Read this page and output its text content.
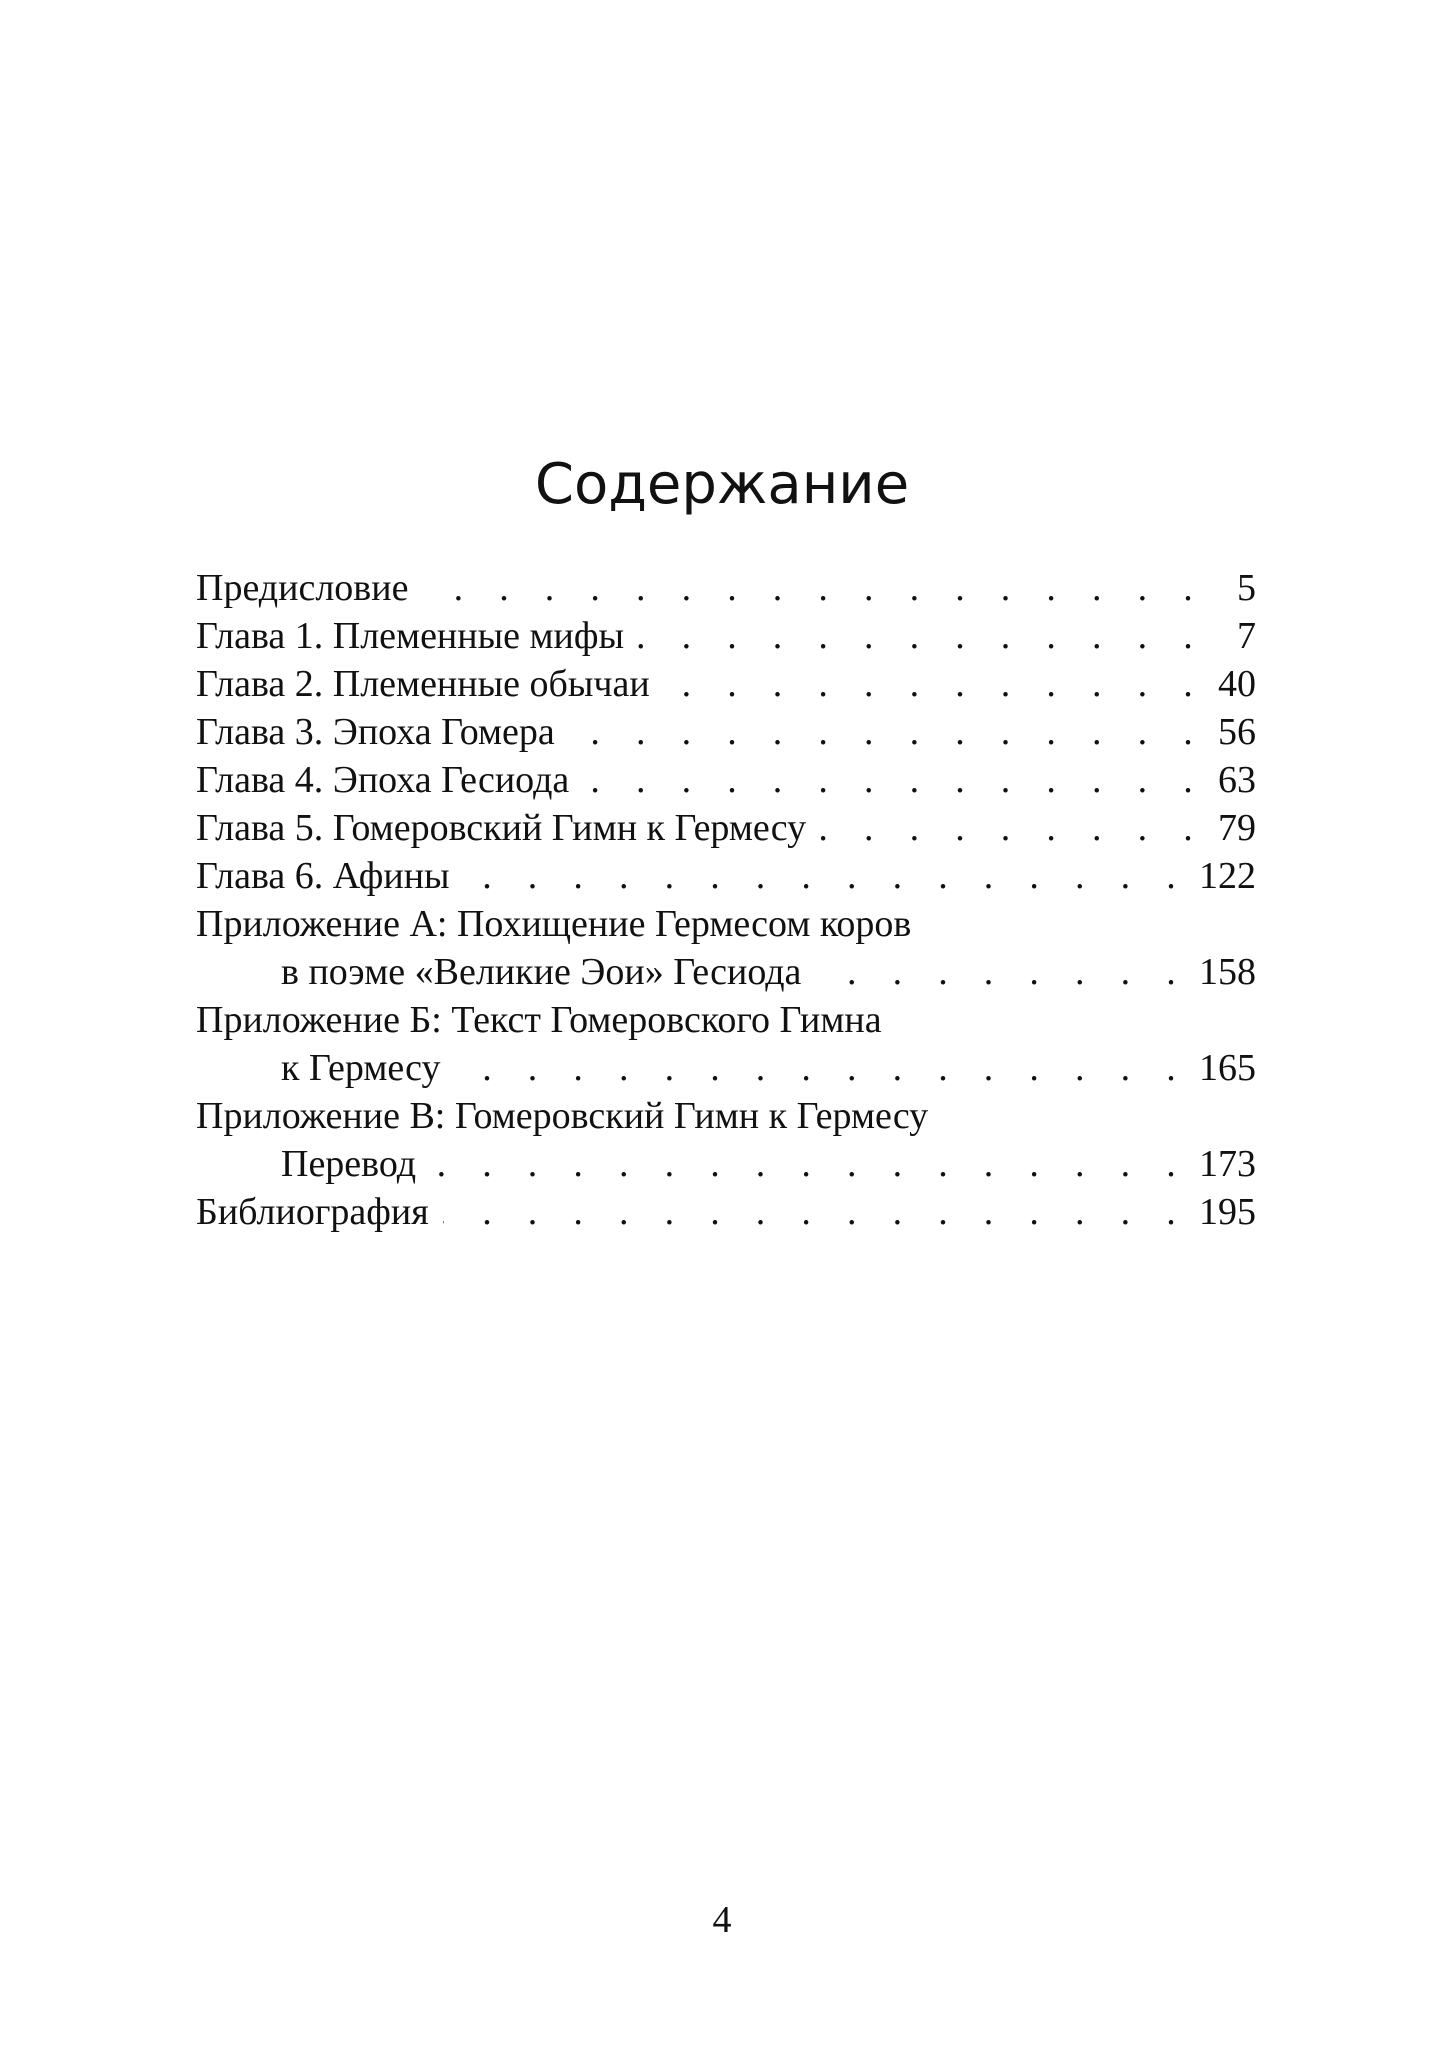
Содержание
Предисловие . . .	5
Глава 1. Племенные мифы . . .	7
Глава 2. Племенные обычаи . . .	40
Глава 3. Эпоха Гомера . . .	56
Глава 4. Эпоха Гесиода . . .	63
Глава 5. Гомеровский Гимн к Гермесу . . .	79
Глава 6. Афины . . .	122
Приложение А: Похищение Гермесом коров
в поэме «Великие Эои» Гесиода . . .	158
Приложение Б: Текст Гомеровского Гимна
к Гермесу . . .	165
Приложение В: Гомеровский Гимн к Гермесу
Перевод . . .	173
Библиография . . .	195
4
